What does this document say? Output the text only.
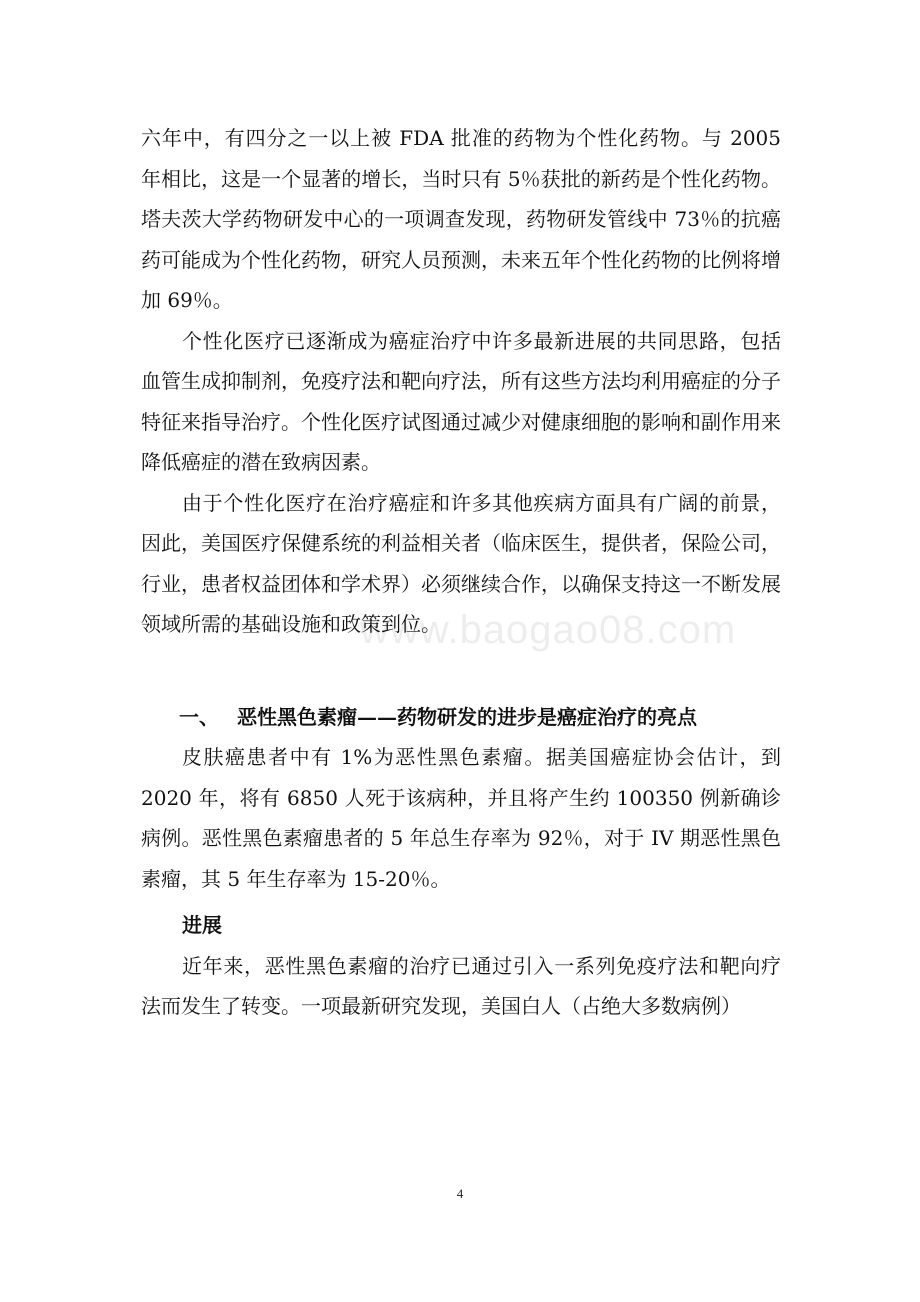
www.baogao08.com

六年中，有四分之一以上被 FDA 批准的药物为个性化药物。与 2005 年相比，这是一个显著的增长，当时只有 5％获批的新药是个性化药物。塔夫茨大学药物研发中心的一项调查发现，药物研发管线中 73％的抗癌药可能成为个性化药物，研究人员预测，未来五年个性化药物的比例将增加 69％。

个性化医疗已逐渐成为癌症治疗中许多最新进展的共同思路，包括血管生成抑制剂，免疫疗法和靶向疗法，所有这些方法均利用癌症的分子特征来指导治疗。个性化医疗试图通过减少对健康细胞的影响和副作用来降低癌症的潜在致病因素。

由于个性化医疗在治疗癌症和许多其他疾病方面具有广阔的前景，因此，美国医疗保健系统的利益相关者（临床医生，提供者，保险公司，行业，患者权益团体和学术界）必须继续合作，以确保支持这一不断发展领域所需的基础设施和政策到位。

一、 恶性黑色素瘤——药物研发的进步是癌症治疗的亮点

皮肤癌患者中有 1%为恶性黑色素瘤。据美国癌症协会估计，到 2020 年，将有 6850 人死于该病种，并且将产生约 100350 例新确诊病例。恶性黑色素瘤患者的 5 年总生存率为 92％，对于 IV 期恶性黑色素瘤，其 5 年生存率为 15-20％。

进展

近年来，恶性黑色素瘤的治疗已通过引入一系列免疫疗法和靶向疗法而发生了转变。一项最新研究发现，美国白人（占绝大多数病例）

4
